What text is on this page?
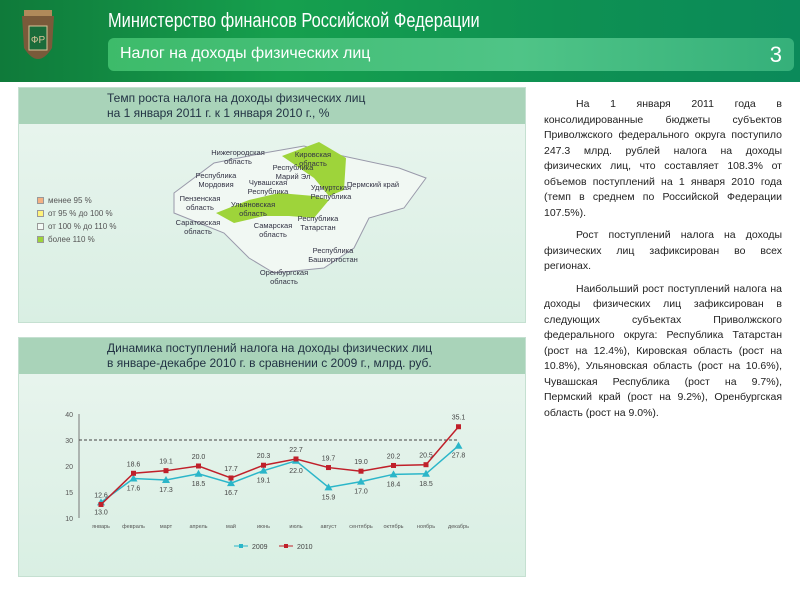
ФР
Министерство финансов Российской Федерации
Налог на доходы физических лиц	3
Темп роста налога на доходы физических лиц
на 1 января 2011 г. к 1 января 2010 г., %
менее 95 %
от 95 % до 100 %
от 100 % до 110 %
более 110 %
Нижегородская область
Республика Марий Эл
Кировская область
Республика Мордовия	Чувашская Республика
Пензенская область	Ульяновская область
Удмуртская Республика
Пермский край
Саратовская область
Самарская область
Республика Татарстан
Республика Башкортостан
Оренбургская область
Динамика поступлений налога на доходы физических лиц
в январе-декабре 2010 г. в сравнении с 2009 г., млрд. руб.
10
15
20
30
40
январь февраль	март	апрель	май	июнь	июль	август сентябрь октябрь ноябрь декабрь
13.0
17.6	17.3
18.5
16.7
19.1
22.0
15.9
17.0
18.4	18.5
27.8
2009
12.6
18.6	19.1
20.0
17.7
20.3
22.7
19.7
19.0
20.2	20.5
35.1
2010

На 1 января 2011 года в консолидированные бюджеты субъектов Приволжского федерального округа поступило 247.3 млрд. рублей налога на доходы физических лиц, что составляет 108.3% от объемов поступлений на 1 января 2010 года (темп в среднем по Российской Федерации 107.5%).

Рост поступлений налога на доходы физических лиц зафиксирован во всех регионах.

Наибольший рост поступлений налога на доходы физических лиц зафиксирован в следующих субъектах Приволжского федерального округа: Республика Татарстан (рост на 12.4%), Кировская область (рост на 10.8%), Ульяновская область (рост на 10.6%), Чувашская Республика (рост на 9.7%), Пермский край (рост на 9.2%), Оренбургская область (рост на 9.0%).
